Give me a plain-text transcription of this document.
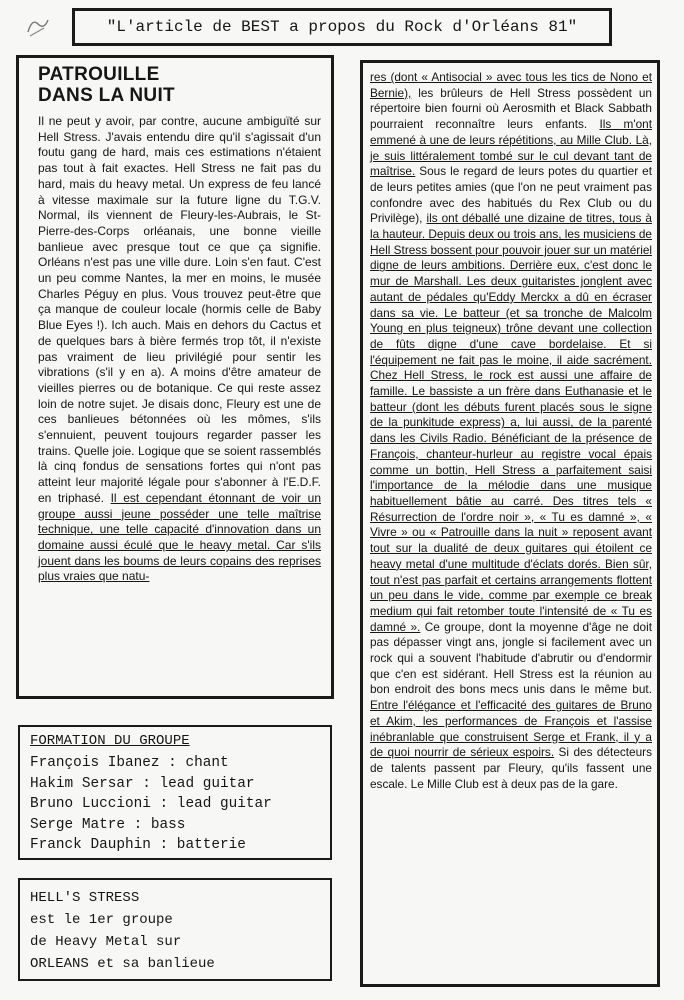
"L'article de BEST a propos du Rock d'Orléans 81"
PATROUILLE
DANS LA NUIT

Il ne peut y avoir, par contre, aucune ambiguïté sur Hell Stress. J'avais entendu dire qu'il s'agissait d'un foutu gang de hard, mais ces estimations n'étaient pas tout à fait exactes. Hell Stress ne fait pas du hard, mais du heavy metal. Un express de feu lancé à vitesse maximale sur la future ligne du T.G.V. Normal, ils viennent de Fleury-les-Aubrais, le St-Pierre-des-Corps orléanais, une bonne vieille banlieue avec presque tout ce que ça signifie. Orléans n'est pas une ville dure. Loin s'en faut. C'est un peu comme Nantes, la mer en moins, le musée Charles Péguy en plus. Vous trouvez peut-être que ça manque de couleur locale (hormis celle de Baby Blue Eyes !). Ich auch. Mais en dehors du Cactus et de quelques bars à bière fermés trop tôt, il n'existe pas vraiment de lieu privilégié pour sentir les vibrations (s'il y en a). A moins d'être amateur de vieilles pierres ou de botanique. Ce qui reste assez loin de notre sujet. Je disais donc, Fleury est une de ces banlieues bétonnées où les mômes, s'ils s'ennuient, peuvent toujours regarder passer les trains. Quelle joie. Logique que se soient rassemblés là cinq fondus de sensations fortes qui n'ont pas atteint leur majorité légale pour s'abonner à l'E.D.F. en triphasé. Il est cependant étonnant de voir un groupe aussi jeune posséder une telle maîtrise technique, une telle capacité d'innovation dans un domaine aussi éculé que le heavy metal. Car s'ils jouent dans les boums de leurs copains des reprises plus vraies que natu-

FORMATION DU GROUPE
François Ibanez : chant
Hakim Sersar : lead guitar
Bruno Luccioni : lead guitar
Serge Matre : bass
Franck Dauphin : batterie
HELL'S STRESS
est le 1er groupe
de Heavy Metal sur
ORLEANS et sa banlieue

res (dont « Antisocial » avec tous les tics de Nono et Bernie), les brûleurs de Hell Stress possèdent un répertoire bien fourni où Aerosmith et Black Sabbath pourraient reconnaître leurs enfants. Ils m'ont emmené à une de leurs répétitions, au Mille Club. Là, je suis littéralement tombé sur le cul devant tant de maîtrise. Sous le regard de leurs potes du quartier et de leurs petites amies (que l'on ne peut vraiment pas confondre avec des habitués du Rex Club ou du Privilège), ils ont déballé une dizaine de titres, tous à la hauteur. Depuis deux ou trois ans, les musiciens de Hell Stress bossent pour pouvoir jouer sur un matériel digne de leurs ambitions. Derrière eux, c'est donc le mur de Marshall. Les deux guitaristes jonglent avec autant de pédales qu'Eddy Merckx a dû en écraser dans sa vie. Le batteur (et sa tronche de Malcolm Young en plus teigneux) trône devant une collection de fûts digne d'une cave bordelaise. Et si l'équipement ne fait pas le moine, il aide sacrément. Chez Hell Stress, le rock est aussi une affaire de famille. Le bassiste a un frère dans Euthanasie et le batteur (dont les débuts furent placés sous le signe de la punkitude express) a, lui aussi, de la parenté dans les Civils Radio. Bénéficiant de la présence de François, chanteur-hurleur au registre vocal épais comme un bottin, Hell Stress a parfaitement saisi l'importance de la mélodie dans une musique habituellement bâtie au carré. Des titres tels « Résurrection de l'ordre noir », « Tu es damné », « Vivre » ou « Patrouille dans la nuit » reposent avant tout sur la dualité de deux guitares qui étoilent ce heavy metal d'une multitude d'éclats dorés. Bien sûr, tout n'est pas parfait et certains arrangements flottent un peu dans le vide, comme par exemple ce break medium qui fait retomber toute l'intensité de « Tu es damné ». Ce groupe, dont la moyenne d'âge ne doit pas dépasser vingt ans, jongle si facilement avec un rock qui a souvent l'habitude d'abrutir ou d'endormir que c'en est sidérant. Hell Stress est la réunion au bon endroit des bons mecs unis dans le même but. Entre l'élégance et l'efficacité des guitares de Bruno et Akim, les performances de François et l'assise inébranlable que construisent Serge et Frank, il y a de quoi nourrir de sérieux espoirs. Si des détecteurs de talents passent par Fleury, qu'ils fassent une escale. Le Mille Club est à deux pas de la gare.
